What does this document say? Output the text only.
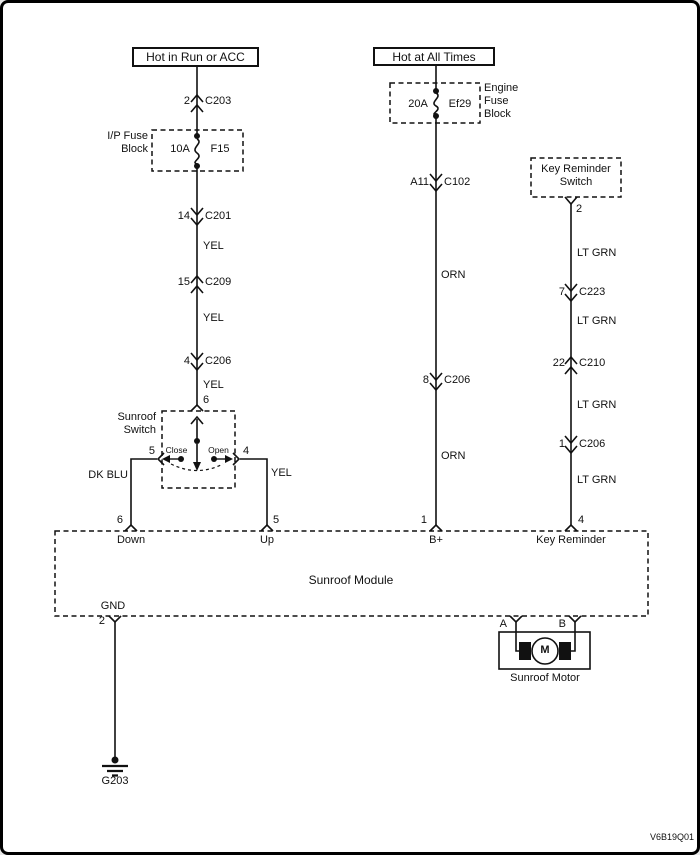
Hot in Run or ACC	Hot at All Times
I/P Fuse Block	10A	F15
2 C203
14 C201
15 C209
4 C206
YEL
YEL
YEL
6
Sunroof Switch
Close	Open
5	4
DK BLU	YEL
Engine Fuse Block
20A	Ef29
A11 C102
ORN
8 C206
ORN
Key Reminder Switch
2
LT GRN
7 C223
LT GRN
22 C210
LT GRN
1 C206
LT GRN
6
Down
5
Up
1
B+
4
Key Reminder
Sunroof Module
GND
2	A	B
M
Sunroof Motor
G203
V6B19Q01
